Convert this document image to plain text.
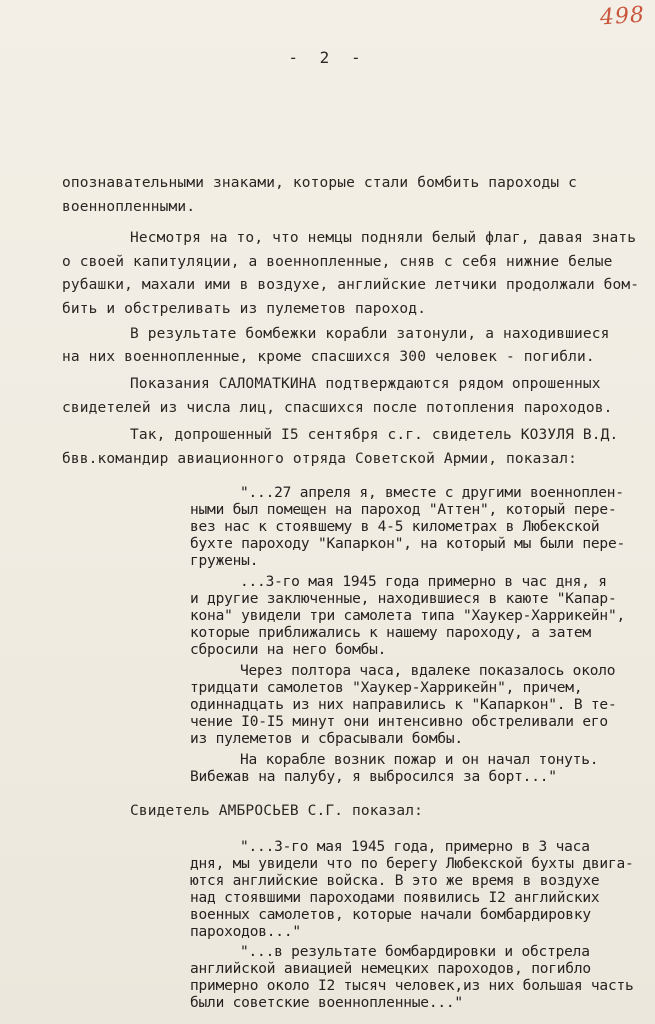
498
- 2 -
опознавательными знаками, которые стали бомбить пароходы с
военнопленными.
Несмотря на то, что немцы подняли белый флаг, давая знать
о своей капитуляции, а военнопленные, сняв с себя нижние белые
рубашки, махали ими в воздухе, английские летчики продолжали бом-
бить и обстреливать из пулеметов пароход.
В результате бомбежки корабли затонули, а находившиеся
на них военнопленные, кроме спасшихся 300 человек - погибли.
Показания САЛОМАТКИНА подтверждаются рядом опрошенных
свидетелей из числа лиц, спасшихся после потопления пароходов.
Так, допрошенный I5 сентября с.г. свидетель КОЗУЛЯ В.Д.
бвв.командир авиационного отряда Советской Армии, показал:
"...27 апреля я, вместе с другими военноплен-
ными был помещен на пароход "Аттен", который пере-
вез нас к стоявшему в 4-5 километрах в Любекской
бухте пароходу "Капаркон", на который мы были пере-
гружены.
...3-го мая 1945 года примерно в час дня, я
и другие заключенные, находившиеся в каюте "Капар-
кона" увидели три самолета типа "Хаукер-Харрикейн",
которые приближались к нашему пароходу, а затем
сбросили на него бомбы.
Через полтора часа, вдалеке показалось около
тридцати самолетов "Хаукер-Харрикейн", причем,
одиннадцать из них направились к "Капаркон". В те-
чение I0-I5 минут они интенсивно обстреливали его
из пулеметов и сбрасывали бомбы.
На корабле возник пожар и он начал тонуть.
Вибежав на палубу, я выбросился за борт..."
Свидетель АМБРОСЬЕВ С.Г. показал:
"...3-го мая 1945 года, примерно в 3 часа
дня, мы увидели что по берегу Любекской бухты двига-
ются английские войска. В это же время в воздухе
над стоявшими пароходами появились I2 английских
военных самолетов, которые начали бомбардировку
пароходов..."
"...в результате бомбардировки и обстрела
английской авиацией немецких пароходов, погибло
примерно около I2 тысяч человек,из них большая часть
были советские военнопленные..."
